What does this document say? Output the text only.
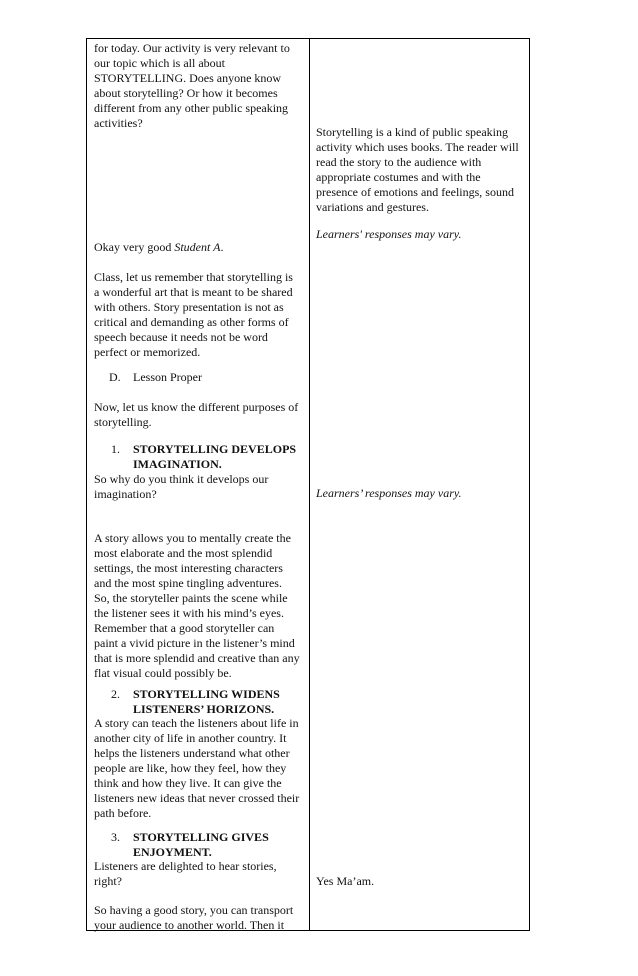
for today. Our activity is very relevant to our topic which is all about STORYTELLING. Does anyone know about storytelling? Or how it becomes different from any other public speaking activities?

Okay very good Student A.

Class, let us remember that storytelling is a wonderful art that is meant to be shared with others. Story presentation is not as critical and demanding as other forms of speech because it needs not be word perfect or memorized.

D. Lesson Proper

Now, let us know the different purposes of storytelling.

1. STORYTELLING DEVELOPS IMAGINATION.

So why do you think it develops our imagination?

A story allows you to mentally create the most elaborate and the most splendid settings, the most interesting characters and the most spine tingling adventures. So, the storyteller paints the scene while the listener sees it with his mind’s eyes. Remember that a good storyteller can paint a vivid picture in the listener’s mind that is more splendid and creative than any flat visual could possibly be.

2. STORYTELLING WIDENS LISTENERS’ HORIZONS.

A story can teach the listeners about life in another city of life in another country. It helps the listeners understand what other people are like, how they feel, how they think and how they live. It can give the listeners new ideas that never crossed their path before.

3. STORYTELLING GIVES ENJOYMENT.

Listeners are delighted to hear stories, right?

So having a good story, you can transport your audience to another world. Then it

Storytelling is a kind of public speaking activity which uses books. The reader will read the story to the audience with appropriate costumes and with the presence of emotions and feelings, sound variations and gestures.

Learners' responses may vary.

Learners’ responses may vary.

Yes Ma’am.
